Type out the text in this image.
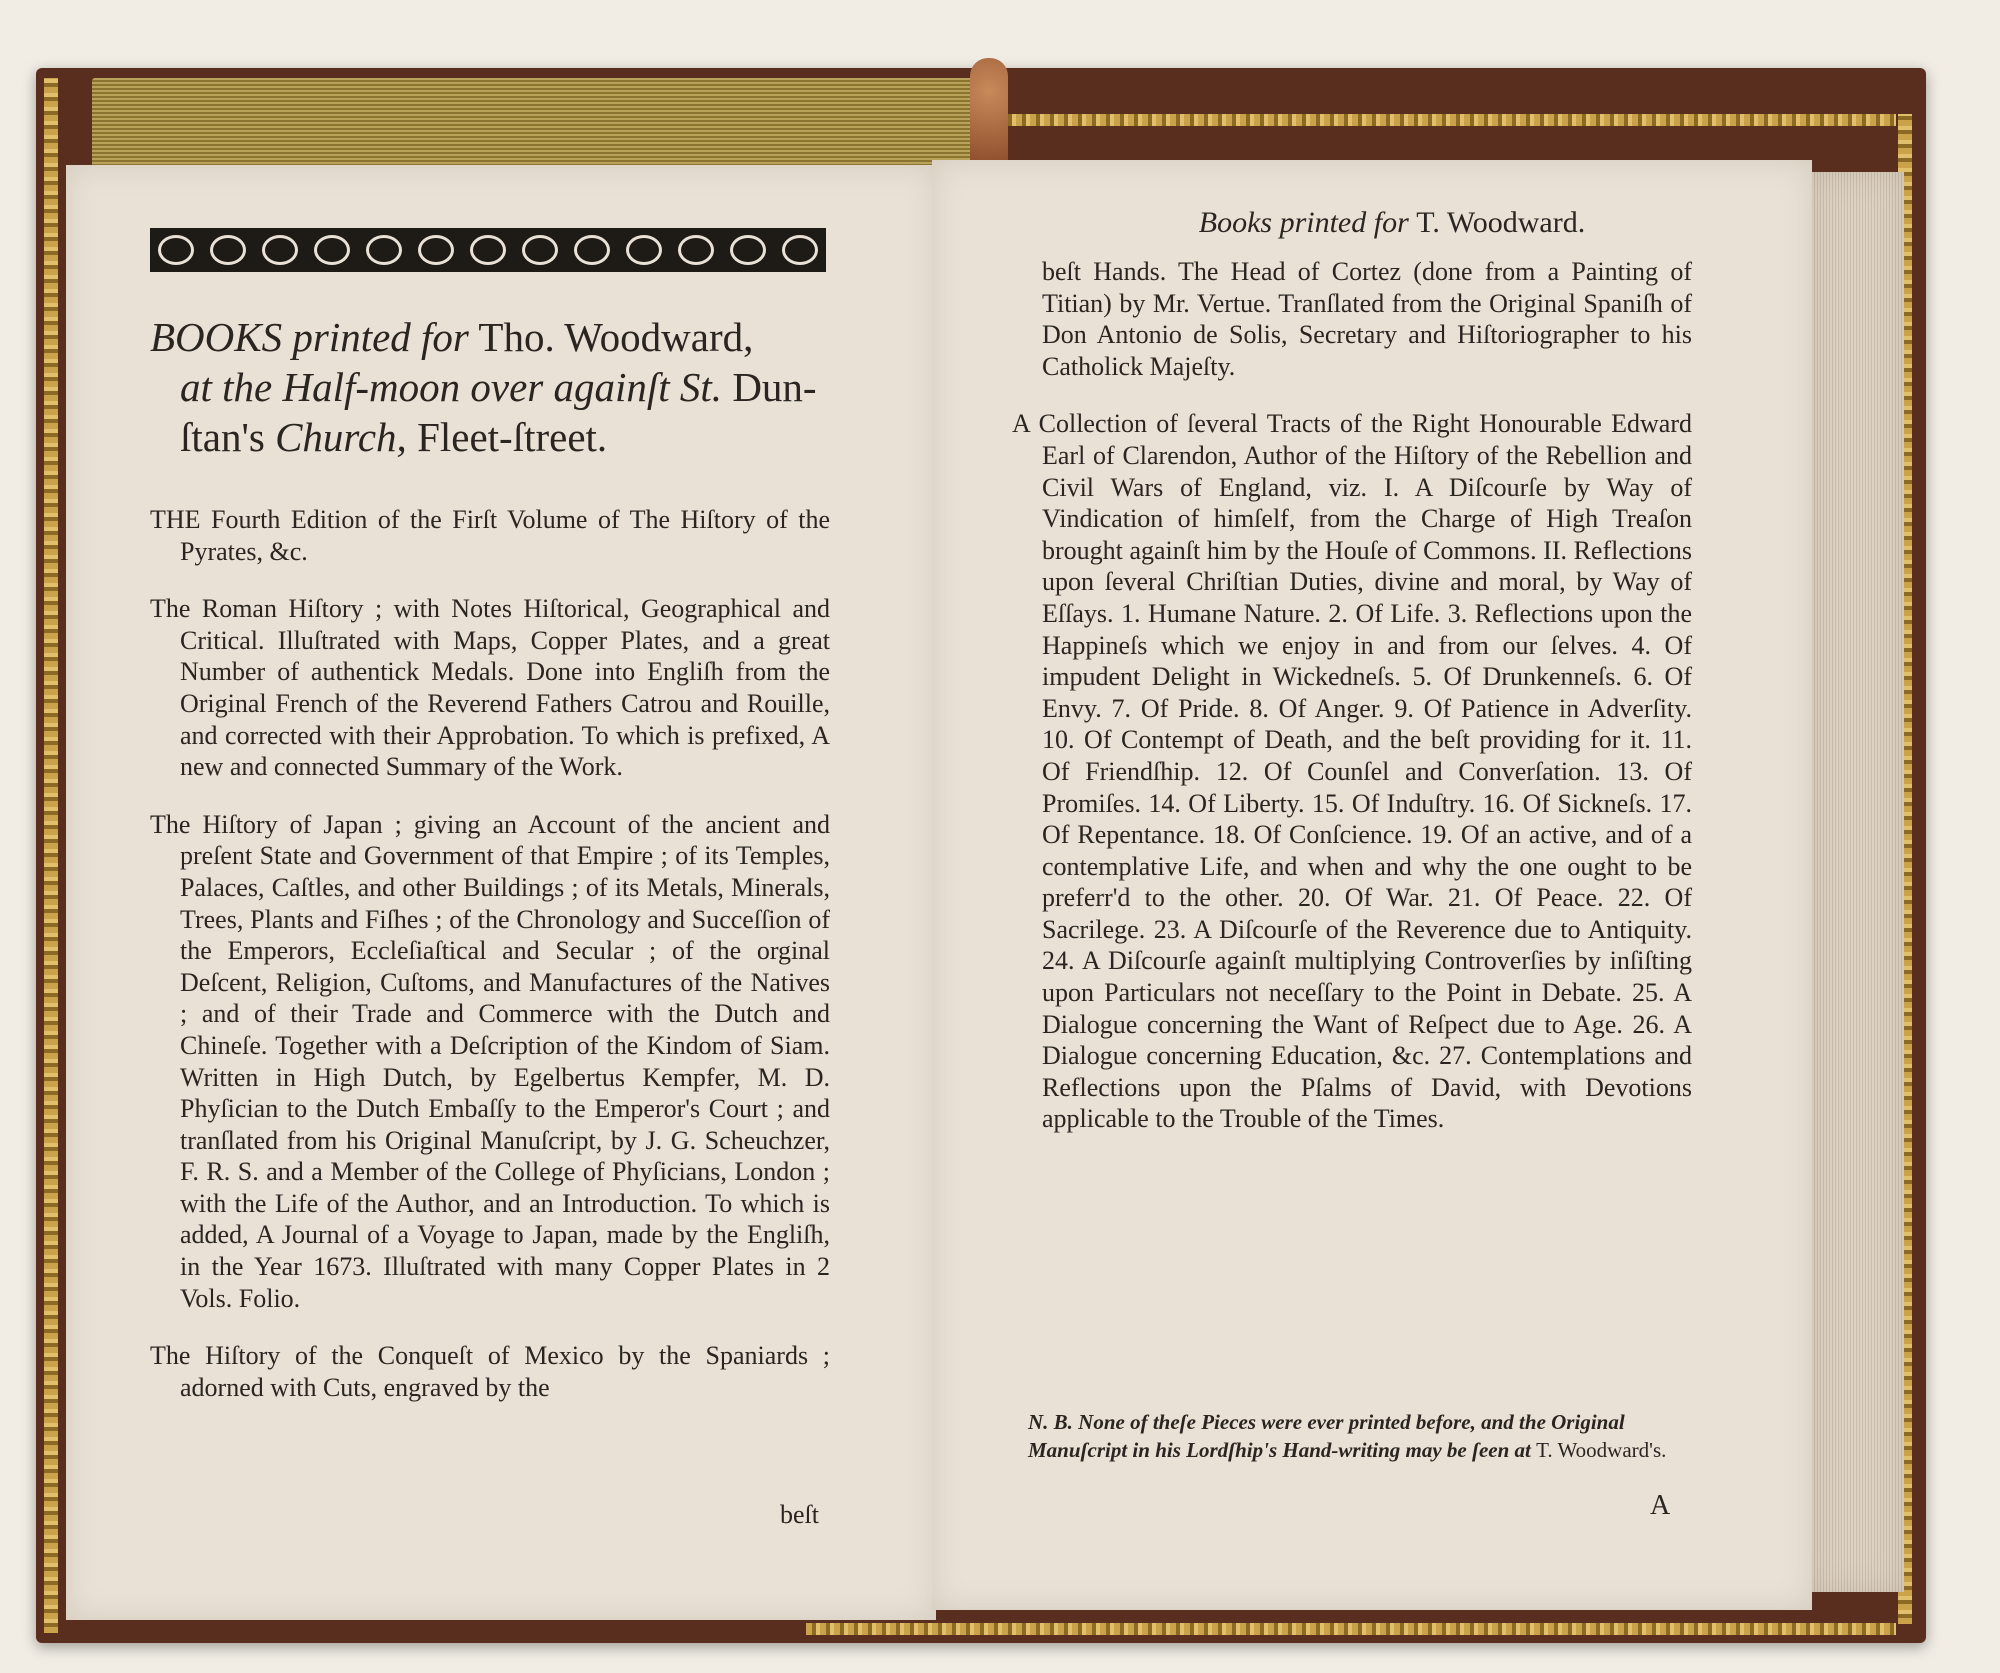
BOOKS printed for Tho. Woodward,
at the Half-moon over againſt St. Dun-
ſtan's Church, Fleet-ſtreet.

THE Fourth Edition of the Firſt Volume of The Hiſtory of the Pyrates, &c.

The Roman Hiſtory ; with Notes Hiſtorical, Geographical and Critical. Illuſtrated with Maps, Copper Plates, and a great Number of authentick Medals. Done into Engliſh from the Original French of the Reverend Fathers Catrou and Rouille, and corrected with their Approbation. To which is prefixed, A new and connected Summary of the Work.

The Hiſtory of Japan ; giving an Account of the ancient and preſent State and Government of that Empire ; of its Temples, Palaces, Caſtles, and other Buildings ; of its Metals, Minerals, Trees, Plants and Fiſhes ; of the Chronology and Succeſſion of the Emperors, Eccleſiaſtical and Secular ; of the orginal Deſcent, Religion, Cuſtoms, and Manufactures of the Natives ; and of their Trade and Commerce with the Dutch and Chineſe. Together with a Deſcription of the Kindom of Siam. Written in High Dutch, by Egelbertus Kempfer, M. D. Phyſician to the Dutch Embaſſy to the Emperor's Court ; and tranſlated from his Original Manuſcript, by J. G. Scheuchzer, F. R. S. and a Member of the College of Phyſicians, London ; with the Life of the Author, and an Introduction. To which is added, A Journal of a Voyage to Japan, made by the Engliſh, in the Year 1673. Illuſtrated with many Copper Plates in 2 Vols. Folio.

The Hiſtory of the Conqueſt of Mexico by the Spaniards ; adorned with Cuts, engraved by the

beſt
Books printed for T. Woodward.

beſt Hands. The Head of Cortez (done from a Painting of Titian) by Mr. Vertue. Tranſlated from the Original Spaniſh of Don Antonio de Solis, Secretary and Hiſtoriographer to his Catholick Majeſty.

A Collection of ſeveral Tracts of the Right Honourable Edward Earl of Clarendon, Author of the Hiſtory of the Rebellion and Civil Wars of England, viz. I. A Diſcourſe by Way of Vindication of himſelf, from the Charge of High Treaſon brought againſt him by the Houſe of Commons. II. Reflections upon ſeveral Chriſtian Duties, divine and moral, by Way of Eſſays. 1. Humane Nature. 2. Of Life. 3. Reflections upon the Happineſs which we enjoy in and from our ſelves. 4. Of impudent Delight in Wickedneſs. 5. Of Drunkenneſs. 6. Of Envy. 7. Of Pride. 8. Of Anger. 9. Of Patience in Adverſity. 10. Of Contempt of Death, and the beſt providing for it. 11. Of Friendſhip. 12. Of Counſel and Converſation. 13. Of Promiſes. 14. Of Liberty. 15. Of Induſtry. 16. Of Sickneſs. 17. Of Repentance. 18. Of Conſcience. 19. Of an active, and of a contemplative Life, and when and why the one ought to be preferr'd to the other. 20. Of War. 21. Of Peace. 22. Of Sacrilege. 23. A Diſcourſe of the Reverence due to Antiquity. 24. A Diſcourſe againſt multiplying Controverſies by inſiſting upon Particulars not neceſſary to the Point in Debate. 25. A Dialogue concerning the Want of Reſpect due to Age. 26. A Dialogue concerning Education, &c. 27. Contemplations and Reflections upon the Pſalms of David, with Devotions applicable to the Trouble of the Times.

N. B. None of theſe Pieces were ever printed before, and the Original Manuſcript in his Lordſhip's Hand-writing may be ſeen at T. Woodward's.
A
